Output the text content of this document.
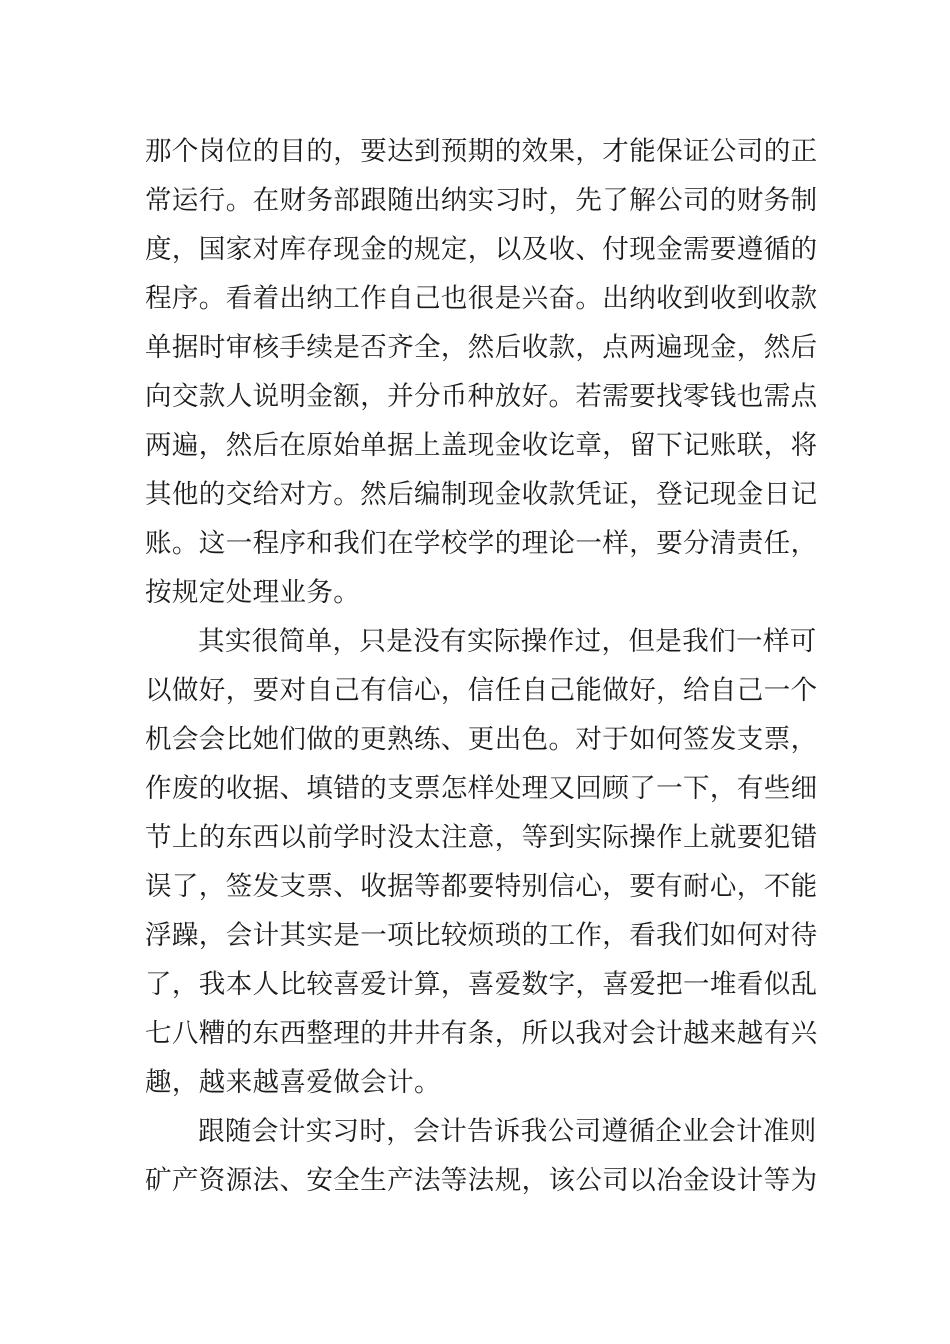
那个岗位的目的，要达到预期的效果，才能保证公司的正
常运行。在财务部跟随出纳实习时，先了解公司的财务制
度，国家对库存现金的规定，以及收、付现金需要遵循的
程序。看着出纳工作自己也很是兴奋。出纳收到收到收款
单据时审核手续是否齐全，然后收款，点两遍现金，然后
向交款人说明金额，并分币种放好。若需要找零钱也需点
两遍，然后在原始单据上盖现金收讫章，留下记账联，将
其他的交给对方。然后编制现金收款凭证，登记现金日记
账。这一程序和我们在学校学的理论一样，要分清责任，
按规定处理业务。
其实很简单，只是没有实际操作过，但是我们一样可
以做好，要对自己有信心，信任自己能做好，给自己一个
机会会比她们做的更熟练、更出色。对于如何签发支票，
作废的收据、填错的支票怎样处理又回顾了一下，有些细
节上的东西以前学时没太注意，等到实际操作上就要犯错
误了，签发支票、收据等都要特别信心，要有耐心，不能
浮躁，会计其实是一项比较烦琐的工作，看我们如何对待
了，我本人比较喜爱计算，喜爱数字，喜爱把一堆看似乱
七八糟的东西整理的井井有条，所以我对会计越来越有兴
趣，越来越喜爱做会计。
跟随会计实习时，会计告诉我公司遵循企业会计准则
矿产资源法、安全生产法等法规，该公司以冶金设计等为
